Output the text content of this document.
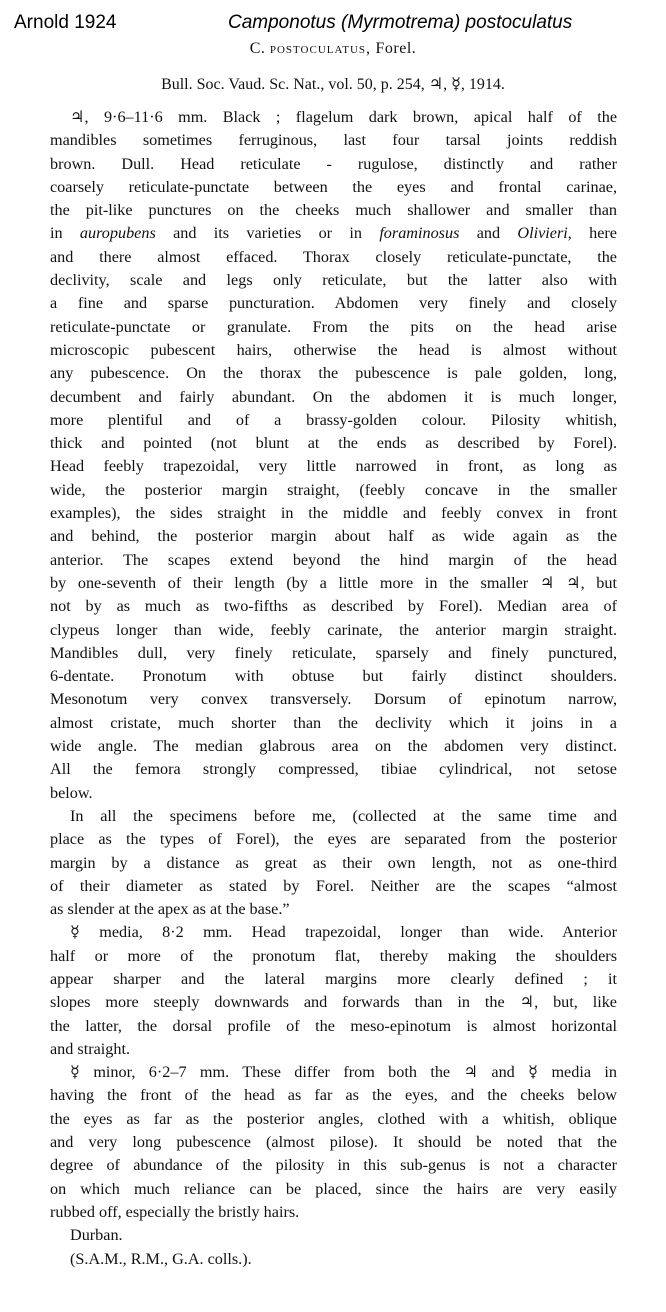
Arnold 1924	Camponotus (Myrmotrema) postoculatus
C. postoculatus, Forel.
Bull. Soc. Vaud. Sc. Nat., vol. 50, p. 254, ♃, ☿, 1914.
♃, 9·6–11·6 mm. Black ; flagelum dark brown, apical half of the
mandibles sometimes ferruginous, last four tarsal joints reddish
brown. Dull. Head reticulate - rugulose, distinctly and rather
coarsely reticulate-punctate between the eyes and frontal carinae,
the pit-like punctures on the cheeks much shallower and smaller than
in auropubens and its varieties or in foraminosus and Olivieri, here
and there almost effaced. Thorax closely reticulate-punctate, the
declivity, scale and legs only reticulate, but the latter also with
a fine and sparse puncturation. Abdomen very finely and closely
reticulate-punctate or granulate. From the pits on the head arise
microscopic pubescent hairs, otherwise the head is almost without
any pubescence. On the thorax the pubescence is pale golden, long,
decumbent and fairly abundant. On the abdomen it is much longer,
more plentiful and of a brassy-golden colour. Pilosity whitish,
thick and pointed (not blunt at the ends as described by Forel).
Head feebly trapezoidal, very little narrowed in front, as long as
wide, the posterior margin straight, (feebly concave in the smaller
examples), the sides straight in the middle and feebly convex in front
and behind, the posterior margin about half as wide again as the
anterior. The scapes extend beyond the hind margin of the head
by one-seventh of their length (by a little more in the smaller ♃ ♃, but
not by as much as two-fifths as described by Forel). Median area of
clypeus longer than wide, feebly carinate, the anterior margin straight.
Mandibles dull, very finely reticulate, sparsely and finely punctured,
6-dentate. Pronotum with obtuse but fairly distinct shoulders.
Mesonotum very convex transversely. Dorsum of epinotum narrow,
almost cristate, much shorter than the declivity which it joins in a
wide angle. The median glabrous area on the abdomen very distinct.
All the femora strongly compressed, tibiae cylindrical, not setose
below.
In all the specimens before me, (collected at the same time and
place as the types of Forel), the eyes are separated from the posterior
margin by a distance as great as their own length, not as one-third
of their diameter as stated by Forel. Neither are the scapes “almost
as slender at the apex as at the base.”
☿ media, 8·2 mm. Head trapezoidal, longer than wide. Anterior
half or more of the pronotum flat, thereby making the shoulders
appear sharper and the lateral margins more clearly defined ; it
slopes more steeply downwards and forwards than in the ♃, but, like
the latter, the dorsal profile of the meso-epinotum is almost horizontal
and straight.
☿ minor, 6·2–7 mm. These differ from both the ♃ and ☿ media in
having the front of the head as far as the eyes, and the cheeks below
the eyes as far as the posterior angles, clothed with a whitish, oblique
and very long pubescence (almost pilose). It should be noted that the
degree of abundance of the pilosity in this sub-genus is not a character
on which much reliance can be placed, since the hairs are very easily
rubbed off, especially the bristly hairs.
Durban.
(S.A.M., R.M., G.A. colls.).
